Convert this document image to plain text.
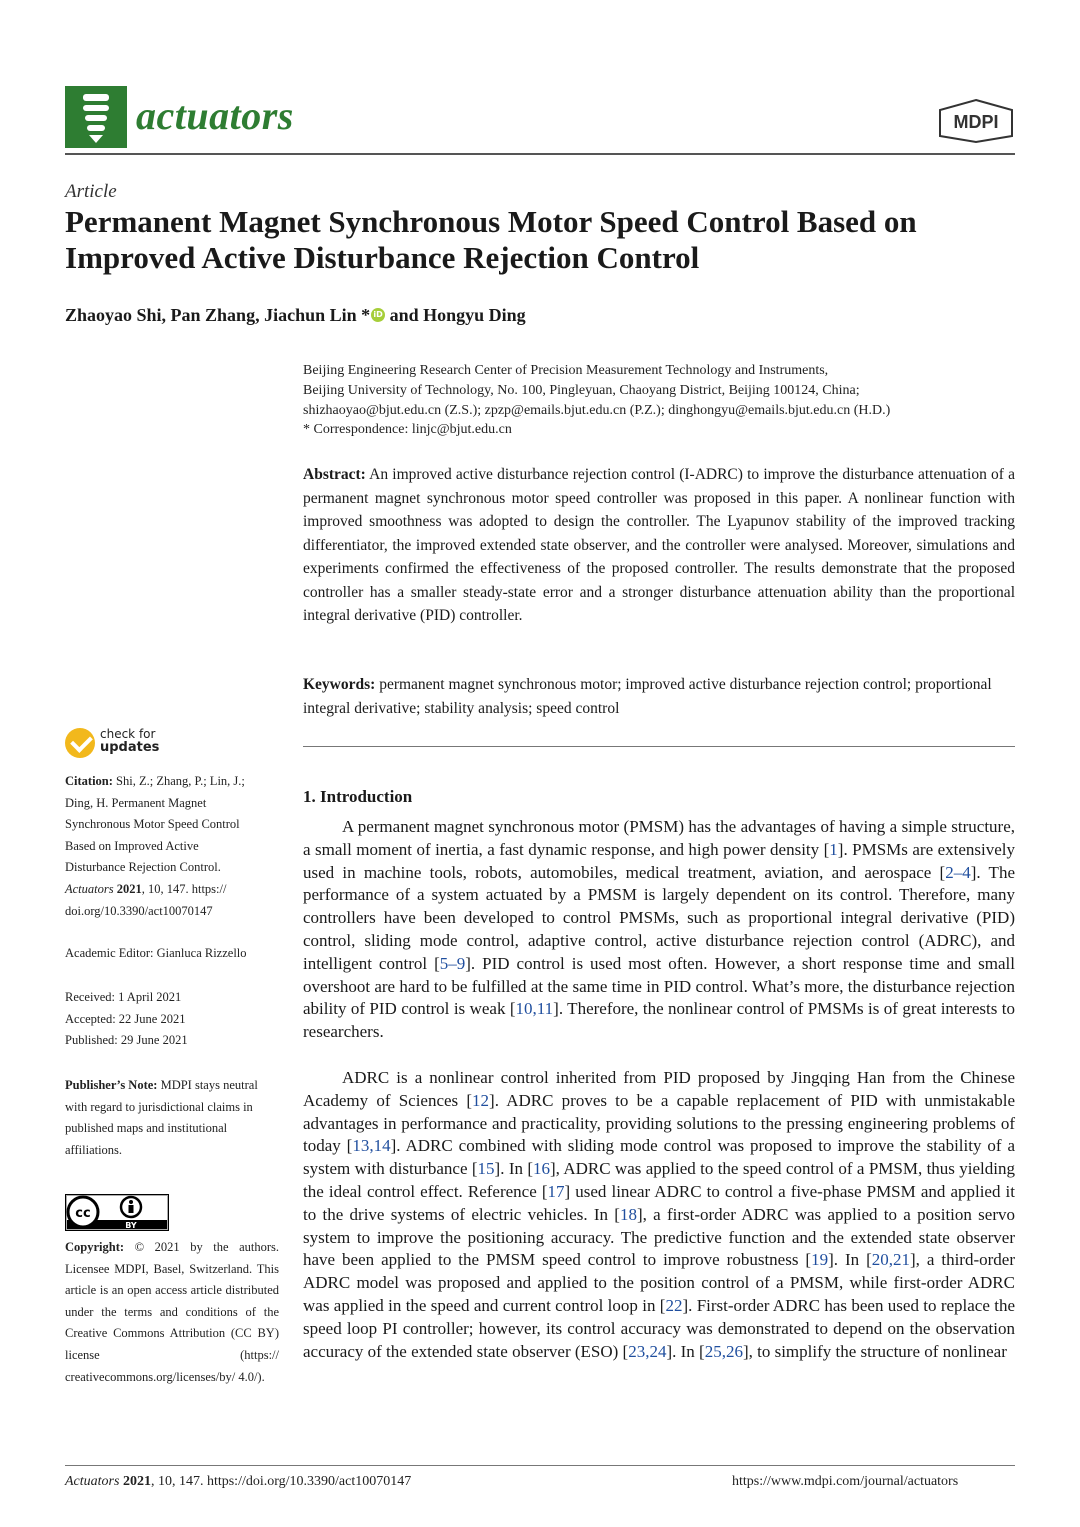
actuators	MDPI
Article
Permanent Magnet Synchronous Motor Speed Control Based on Improved Active Disturbance Rejection Control
Zhaoyao Shi, Pan Zhang, Jiachun Lin * iD and Hongyu Ding
Beijing Engineering Research Center of Precision Measurement Technology and Instruments,
Beijing University of Technology, No. 100, Pingleyuan, Chaoyang District, Beijing 100124, China;
shizhaoyao@bjut.edu.cn (Z.S.); zpzp@emails.bjut.edu.cn (P.Z.); dinghongyu@emails.bjut.edu.cn (H.D.)
* Correspondence: linjc@bjut.edu.cn

Abstract: An improved active disturbance rejection control (I-ADRC) to improve the disturbance attenuation of a permanent magnet synchronous motor speed controller was proposed in this paper. A nonlinear function with improved smoothness was adopted to design the controller. The Lyapunov stability of the improved tracking differentiator, the improved extended state observer, and the controller were analysed. Moreover, simulations and experiments confirmed the effectiveness of the proposed controller. The results demonstrate that the proposed controller has a smaller steady-state error and a stronger disturbance attenuation ability than the proportional integral derivative (PID) controller.

Keywords: permanent magnet synchronous motor; improved active disturbance rejection control; proportional integral derivative; stability analysis; speed control

check for
updates
Citation: Shi, Z.; Zhang, P.; Lin, J.;
Ding, H. Permanent Magnet
Synchronous Motor Speed Control
Based on Improved Active
Disturbance Rejection Control.
Actuators 2021, 10, 147. https://
doi.org/10.3390/act10070147
Academic Editor: Gianluca Rizzello
Received: 1 April 2021
Accepted: 22 June 2021
Published: 29 June 2021
Publisher’s Note: MDPI stays neutral with regard to jurisdictional claims in published maps and institutional affiliations.
cc
BY
Copyright: © 2021 by the authors. Licensee MDPI, Basel, Switzerland. This article is an open access article distributed under the terms and conditions of the Creative Commons Attribution (CC BY) license (https:// creativecommons.org/licenses/by/ 4.0/).
1. Introduction

A permanent magnet synchronous motor (PMSM) has the advantages of having a simple structure, a small moment of inertia, a fast dynamic response, and high power density [1]. PMSMs are extensively used in machine tools, robots, automobiles, medical treatment, aviation, and aerospace [2–4]. The performance of a system actuated by a PMSM is largely dependent on its control. Therefore, many controllers have been developed to control PMSMs, such as proportional integral derivative (PID) control, sliding mode control, adaptive control, active disturbance rejection control (ADRC), and intelligent control [5–9]. PID control is used most often. However, a short response time and small overshoot are hard to be fulfilled at the same time in PID control. What’s more, the disturbance rejection ability of PID control is weak [10,11]. Therefore, the nonlinear control of PMSMs is of great interests to researchers.

ADRC is a nonlinear control inherited from PID proposed by Jingqing Han from the Chinese Academy of Sciences [12]. ADRC proves to be a capable replacement of PID with unmistakable advantages in performance and practicality, providing solutions to the pressing engineering problems of today [13,14]. ADRC combined with sliding mode control was proposed to improve the stability of a system with disturbance [15]. In [16], ADRC was applied to the speed control of a PMSM, thus yielding the ideal control effect. Reference [17] used linear ADRC to control a five-phase PMSM and applied it to the drive systems of electric vehicles. In [18], a first-order ADRC was applied to a position servo system to improve the positioning accuracy. The predictive function and the extended state observer have been applied to the PMSM speed control to improve robustness [19]. In [20,21], a third-order ADRC model was proposed and applied to the position control of a PMSM, while first-order ADRC was applied in the speed and current control loop in [22]. First-order ADRC has been used to replace the speed loop PI controller; however, its control accuracy was demonstrated to depend on the observation accuracy of the extended state observer (ESO) [23,24]. In [25,26], to simplify the structure of nonlinear

Actuators 2021, 10, 147. https://doi.org/10.3390/act10070147	https://www.mdpi.com/journal/actuators
